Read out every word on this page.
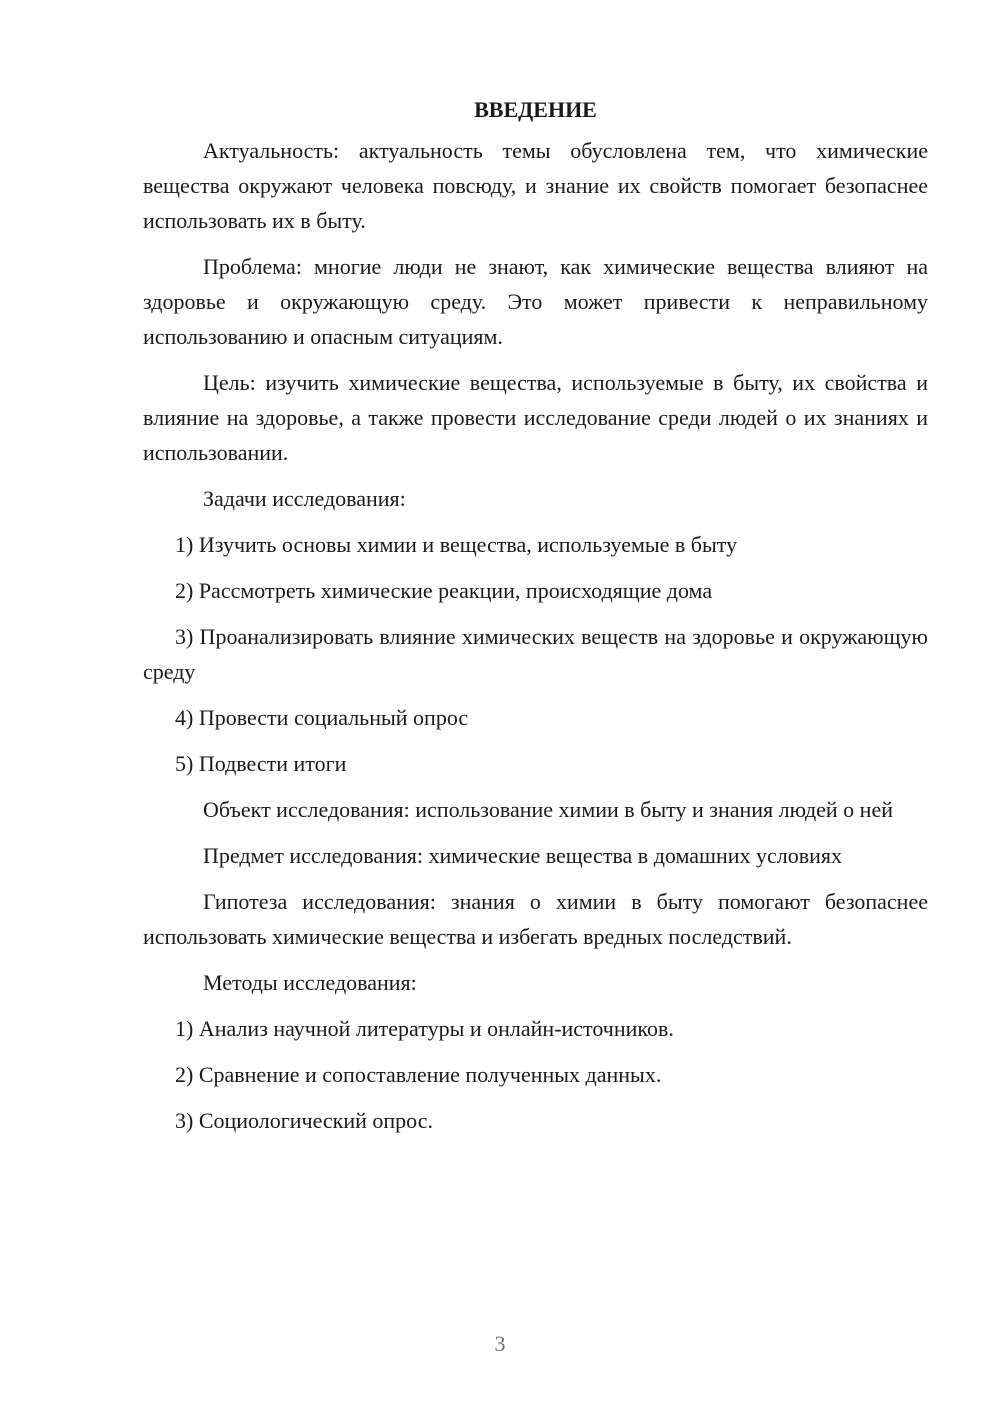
ВВЕДЕНИЕ

Актуальность: актуальность темы обусловлена тем, что химические вещества окружают человека повсюду, и знание их свойств помогает безопаснее использовать их в быту.

Проблема: многие люди не знают, как химические вещества влияют на здоровье и окружающую среду. Это может привести к неправильному использованию и опасным ситуациям.

Цель: изучить химические вещества, используемые в быту, их свойства и влияние на здоровье, а также провести исследование среди людей о их знаниях и использовании.

Задачи исследования:

1) Изучить основы химии и вещества, используемые в быту

2) Рассмотреть химические реакции, происходящие дома

3) Проанализировать влияние химических веществ на здоровье и окружающую среду

4) Провести социальный опрос

5) Подвести итоги

Объект исследования: использование химии в быту и знания людей о ней

Предмет исследования: химические вещества в домашних условиях

Гипотеза исследования: знания о химии в быту помогают безопаснее использовать химические вещества и избегать вредных последствий.

Методы исследования:

1) Анализ научной литературы и онлайн-источников.

2) Сравнение и сопоставление полученных данных.

3) Социологический опрос.

3
